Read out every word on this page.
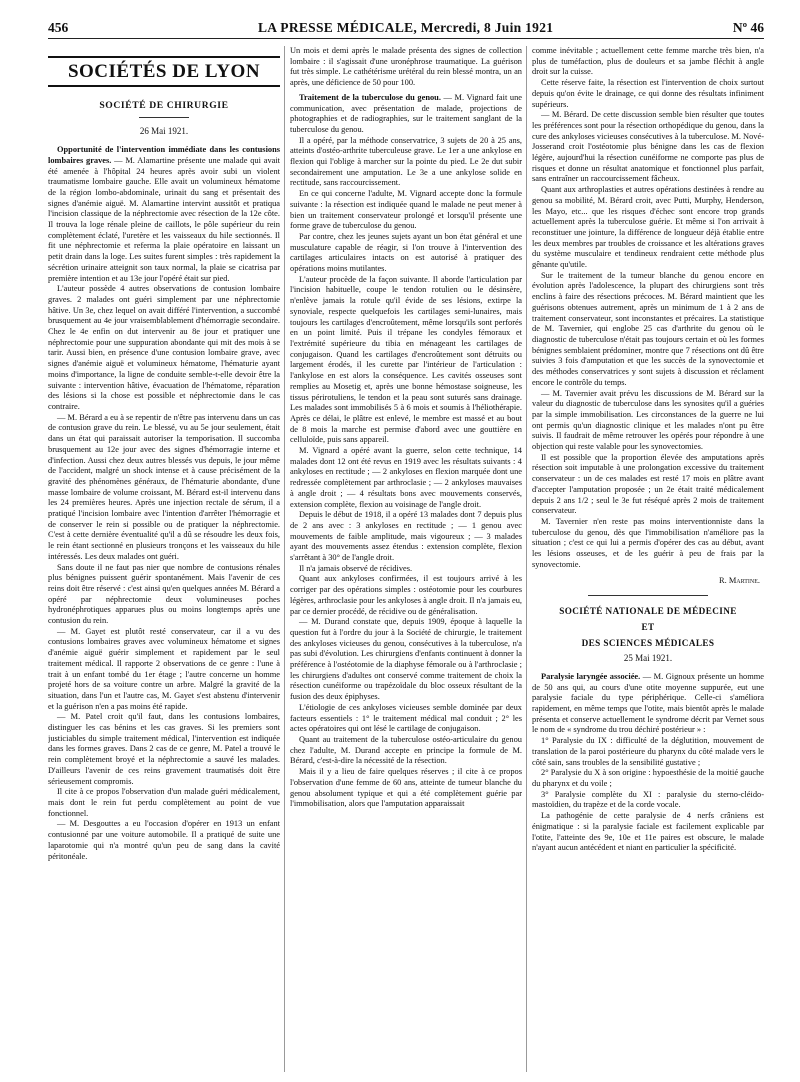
456	LA PRESSE MÉDICALE, Mercredi, 8 Juin 1921	Nº 46
SOCIÉTÉS DE LYON
SOCIÉTÉ DE CHIRURGIE
26 Mai 1921.

Opportunité de l'intervention immédiate dans les contusions lombaires graves. — M. Alamartine présente une malade qui avait été amenée à l'hôpital 24 heures après avoir subi un violent traumatisme lombaire gauche. Elle avait un volumineux hématome de la région lombo-abdominale, urinait du sang et présentait des signes d'anémie aiguë. M. Alamartine intervint aussitôt et pratiqua l'incision classique de la néphrectomie avec résection de la 12e côte. Il trouva la loge rénale pleine de caillots, le pôle supérieur du rein complètement éclaté, l'uretère et les vaisseaux du hile sectionnés. Il fit une néphrectomie et referma la plaie opératoire en laissant un petit drain dans la loge. Les suites furent simples : très rapidement la sécrétion urinaire atteignit son taux normal, la plaie se cicatrisa par première intention et au 13e jour l'opéré était sur pied.

L'auteur possède 4 autres observations de contusion lombaire graves. 2 malades ont guéri simplement par une néphrectomie hâtive. Un 3e, chez lequel on avait différé l'intervention, a succombé brusquement au 4e jour vraisemblablement d'hémorragie secondaire. Chez le 4e enfin on dut intervenir au 8e jour et pratiquer une néphrectomie pour une suppuration abondante qui mit des mois à se tarir. Aussi bien, en présence d'une contusion lombaire grave, avec signes d'anémie aiguë et volumineux hématome, l'hématurie ayant moins d'importance, la ligne de conduite semble-t-elle devoir être la suivante : intervention hâtive, évacuation de l'hématome, réparation des lésions si la chose est possible et néphrectomie dans le cas contraire.

— M. Bérard a eu à se repentir de n'être pas intervenu dans un cas de contusion grave du rein. Le blessé, vu au 5e jour seulement, était dans un état qui paraissait autoriser la temporisation. Il succomba brusquement au 12e jour avec des signes d'hémorragie interne et d'infection. Aussi chez deux autres blessés vus depuis, le jour même de l'accident, malgré un shock intense et à cause précisément de la gravité des phénomènes généraux, de l'hématurie abondante, d'une masse lombaire de volume croissant, M. Bérard est-il intervenu dans les 24 premières heures. Après une injection rectale de sérum, il a pratiqué l'incision lombaire avec l'intention d'arrêter l'hémorragie et de conserver le rein si possible ou de pratiquer la néphrectomie. C'est à cette dernière éventualité qu'il a dû se résoudre les deux fois, le rein étant sectionné en plusieurs tronçons et les vaisseaux du hile intéressés. Les deux malades ont guéri.

Sans doute il ne faut pas nier que nombre de contusions rénales plus bénignes puissent guérir spontanément. Mais l'avenir de ces reins doit être réservé : c'est ainsi qu'en quelques années M. Bérard a opéré par néphrectomie deux volumineuses poches hydronéphrotiques apparues plus ou moins longtemps après une contusion du rein.

— M. Gayet est plutôt resté conservateur, car il a vu des contusions lombaires graves avec volumineux hématome et signes d'anémie aiguë guérir simplement et rapidement par le seul traitement médical. Il rapporte 2 observations de ce genre : l'une à trait à un enfant tombé du 1er étage ; l'autre concerne un homme projeté hors de sa voiture contre un arbre. Malgré la gravité de la situation, dans l'un et l'autre cas, M. Gayet s'est abstenu d'intervenir et la guérison n'en a pas moins été rapide.

— M. Patel croit qu'il faut, dans les contusions lombaires, distinguer les cas bénins et les cas graves. Si les premiers sont justiciables du simple traitement médical, l'intervention est indiquée dans les formes graves. Dans 2 cas de ce genre, M. Patel a trouvé le rein complètement broyé et la néphrectomie a sauvé les malades. D'ailleurs l'avenir de ces reins gravement traumatisés doit être sérieusement compromis.

Il cite à ce propos l'observation d'un malade guéri médicalement, mais dont le rein fut perdu complètement au point de vue fonctionnel.

— M. Desgouttes a eu l'occasion d'opérer en 1913 un enfant contusionné par une voiture automobile. Il a pratiqué de suite une laparotomie qui n'a montré qu'un peu de sang dans la cavité péritonéale.

Un mois et demi après le malade présenta des signes de collection lombaire : il s'agissait d'une uronéphrose traumatique. La guérison fut très simple. Le cathétérisme urétéral du rein blessé montra, un an après, une déficience de 50 pour 100.

Traitement de la tuberculose du genou. — M. Vignard fait une communication, avec présentation de malade, projections de photographies et de radiographies, sur le traitement sanglant de la tuberculose du genou.

Il a opéré, par la méthode conservatrice, 3 sujets de 20 à 25 ans, atteints d'ostéo-arthrite tuberculeuse grave. Le 1er a une ankylose en flexion qui l'oblige à marcher sur la pointe du pied. Le 2e dut subir secondairement une amputation. Le 3e a une ankylose solide en rectitude, sans raccourcissement.

En ce qui concerne l'adulte, M. Vignard accepte donc la formule suivante : la résection est indiquée quand le malade ne peut mener à bien un traitement conservateur prolongé et lorsqu'il présente une forme grave de tuberculose du genou.

Par contre, chez les jeunes sujets ayant un bon état général et une musculature capable de réagir, si l'on trouve à l'intervention des cartilages articulaires intacts on est autorisé à pratiquer des opérations moins mutilantes.

L'auteur procède de la façon suivante. Il aborde l'articulation par l'incision habituelle, coupe le tendon rotulien ou le désinsère, n'enlève jamais la rotule qu'il évide de ses lésions, extirpe la synoviale, respecte quelquefois les cartilages semi-lunaires, mais toujours les cartilages d'encroûtement, même lorsqu'ils sont perforés en un point limité. Puis il trépane les condyles fémoraux et l'extrémité supérieure du tibia en ménageant les cartilages de conjugaison. Quand les cartilages d'encroûtement sont détruits ou largement érodés, il les curette par l'intérieur de l'articulation : l'ankylose en est alors la conséquence. Les cavités osseuses sont remplies au Mosetig et, après une bonne hémostase soigneuse, les tissus périrotuliens, le tendon et la peau sont suturés sans drainage. Les malades sont immobilisés 5 à 6 mois et soumis à l'héliothérapie. Après ce délai, le plâtre est enlevé, le membre est massé et au bout de 8 mois la marche est permise d'abord avec une gouttière en celluloïde, puis sans appareil.

M. Vignard a opéré avant la guerre, selon cette technique, 14 malades dont 12 ont été revus en 1919 avec les résultats suivants : 4 ankyloses en rectitude ; — 2 ankyloses en flexion marquée dont une redressée complètement par arthroclasie ; — 2 ankyloses mauvaises à angle droit ; — 4 résultats bons avec mouvements conservés, extension complète, flexion au voisinage de l'angle droit.

Depuis le début de 1918, il a opéré 13 malades dont 7 depuis plus de 2 ans avec : 3 ankyloses en rectitude ; — 1 genou avec mouvements de faible amplitude, mais vigoureux ; — 3 malades ayant des mouvements assez étendus : extension complète, flexion s'arrêtant à 30° de l'angle droit.

Il n'a jamais observé de récidives.

Quant aux ankyloses confirmées, il est toujours arrivé à les corriger par des opérations simples : ostéotomie pour les courbures légères, arthroclasie pour les ankyloses à angle droit. Il n'a jamais eu, par ce dernier procédé, de récidive ou de généralisation.

— M. Durand constate que, depuis 1909, époque à laquelle la question fut à l'ordre du jour à la Société de chirurgie, le traitement des ankyloses vicieuses du genou, consécutives à la tuberculose, n'a pas subi d'évolution. Les chirurgiens d'enfants continuent à donner la préférence à l'ostéotomie de la diaphyse fémorale ou à l'arthroclasie ; les chirurgiens d'adultes ont conservé comme traitement de choix la résection cunéiforme ou trapézoïdale du bloc osseux résultant de la fusion des deux épiphyses.

L'étiologie de ces ankyloses vicieuses semble dominée par deux facteurs essentiels : 1° le traitement médical mal conduit ; 2° les actes opératoires qui ont lésé le cartilage de conjugaison.

Quant au traitement de la tuberculose ostéo-articulaire du genou chez l'adulte, M. Durand accepte en principe la formule de M. Bérard, c'est-à-dire la nécessité de la résection.

Mais il y a lieu de faire quelques réserves ; il cite à ce propos l'observation d'une femme de 60 ans, atteinte de tumeur blanche du genou absolument typique et qui a été complètement guérie par l'immobilisation, alors que l'amputation apparaissait

comme inévitable ; actuellement cette femme marche très bien, n'a plus de tuméfaction, plus de douleurs et sa jambe fléchit à angle droit sur la cuisse.

Cette réserve faite, la résection est l'intervention de choix surtout depuis qu'on évite le drainage, ce qui donne des résultats infiniment supérieurs.

— M. Bérard. De cette discussion semble bien résulter que toutes les préférences sont pour la résection orthopédique du genou, dans la cure des ankyloses vicieuses consécutives à la tuberculose. M. Nové-Josserand croit l'ostéotomie plus bénigne dans les cas de flexion légère, aujourd'hui la résection cunéiforme ne comporte pas plus de risques et donne un résultat anatomique et fonctionnel plus parfait, sans entraîner un raccourcissement fâcheux.

Quant aux arthroplasties et autres opérations destinées à rendre au genou sa mobilité, M. Bérard croit, avec Putti, Murphy, Henderson, les Mayo, etc... que les risques d'échec sont encore trop grands actuellement après la tuberculose guérie. Et même si l'on arrivait à reconstituer une jointure, la différence de longueur déjà établie entre les deux membres par troubles de croissance et les altérations graves du système musculaire et tendineux rendraient cette méthode plus gênante qu'utile.

Sur le traitement de la tumeur blanche du genou encore en évolution après l'adolescence, la plupart des chirurgiens sont très enclins à faire des résections précoces. M. Bérard maintient que les guérisons obtenues autrement, après un minimum de 1 à 2 ans de traitement conservateur, sont inconstantes et précaires. La statistique de M. Tavernier, qui englobe 25 cas d'arthrite du genou où le diagnostic de tuberculose n'était pas toujours certain et où les formes bénignes semblaient prédominer, montre que 7 résections ont dû être suivies 3 fois d'amputation et que les succès de la synovectomie et des méthodes conservatrices y sont sujets à discussion et réclament encore le contrôle du temps.

— M. Tavernier avait prévu les discussions de M. Bérard sur la valeur du diagnostic de tuberculose dans les synosites qu'il a guéries par la simple immobilisation. Les circonstances de la guerre ne lui ont permis qu'un diagnostic clinique et les malades n'ont pu être suivis. Il faudrait de même retrouver les opérés pour répondre à une objection qui reste valable pour les synovectomies.

Il est possible que la proportion élevée des amputations après résection soit imputable à une prolongation excessive du traitement conservateur : un de ces malades est resté 17 mois en plâtre avant d'accepter l'amputation proposée ; un 2e était traité médicalement depuis 2 ans 1/2 ; seul le 3e fut réséqué après 2 mois de traitement conservateur.

M. Tavernier n'en reste pas moins interventionniste dans la tuberculose du genou, dès que l'immobilisation n'améliore pas la situation ; c'est ce qui lui a permis d'opérer des cas au début, avant les lésions osseuses, et de les guérir à peu de frais par la synovectomie.

R. Martine.

SOCIÉTÉ NATIONALE DE MÉDECINE
ET
DES SCIENCES MÉDICALES
25 Mai 1921.

Paralysie laryngée associée. — M. Gignoux présente un homme de 50 ans qui, au cours d'une otite moyenne suppurée, eut une paralysie faciale du type périphérique. Celle-ci s'améliora rapidement, en même temps que l'otite, mais bientôt après le malade présenta et conserve actuellement le syndrome décrit par Vernet sous le nom de « syndrome du trou déchiré postérieur » :

1° Paralysie du IX : difficulté de la déglutition, mouvement de translation de la paroi postérieure du pharynx du côté malade vers le côté sain, sans troubles de la sensibilité gustative ;

2° Paralysie du X à son origine : hypoesthésie de la moitié gauche du pharynx et du voile ;

3° Paralysie complète du XI : paralysie du sterno-cléido-mastoïdien, du trapèze et de la corde vocale.

La pathogénie de cette paralysie de 4 nerfs crâniens est énigmatique : si la paralysie faciale est facilement explicable par l'otite, l'atteinte des 9e, 10e et 11e paires est obscure, le malade n'ayant aucun antécédent et niant en particulier la spécificité.
